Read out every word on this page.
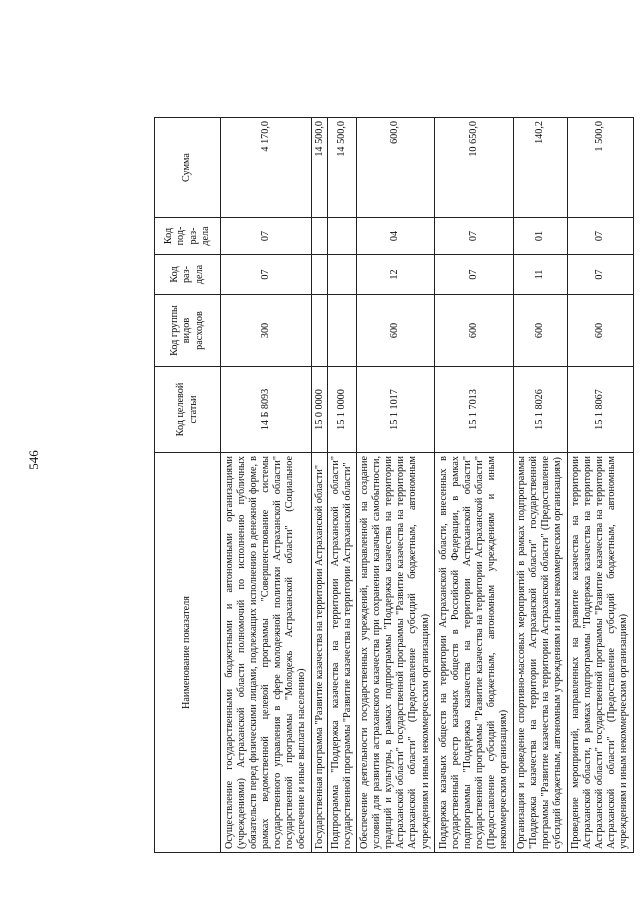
546
Наименование показателя	Код целевой статьи	Код группы видов расходов	Код раз-дела	Код под-раз-дела	Сумма
Осуществление государственными бюджетными и автономными организациями (учреждениями) Астраханской области полномочий по исполнению публичных обязательств перед физическими лицами, подлежащих исполнению в денежной форме, в рамках ведомственной целевой программы "Совершенствование системы государственного управления в сфере молодежной политики Астраханской области" государственной программы "Молодежь Астраханской области" (Социальное обеспечение и иные выплаты населению)	14 Б 8093	300	07	07	4 170,0
Государственная программа "Развитие казачества на территории Астраханской области"	15 0 0000				14 500,0
Подпрограмма "Поддержка казачества на территории Астраханской области" государственной программы "Развитие казачества на территории Астраханской области"	15 1 0000				14 500,0
Обеспечение деятельности государственных учреждений, направленной на создание условий для развития астраханского казачества при сохранении казачьей самобытности, традиций и культуры, в рамках подпрограммы "Поддержка казачества на территории Астраханской области" государственной программы "Развитие казачества на территории Астраханской области" (Предоставление субсидий бюджетным, автономным учреждениям и иным некоммерческим организациям)	15 1 1017	600	12	04	600,0
Поддержка казачьих обществ на территории Астраханской области, внесенных в государственный реестр казачьих обществ в Российской Федерации, в рамках подпрограммы "Поддержка казачества на территории Астраханской области" государственной программы "Развитие казачества на территории Астраханской области" (Предоставление субсидий бюджетным, автономным учреждениям и иным некоммерческим организациям)	15 1 7013	600	07	07	10 650,0
Организация и проведение спортивно-массовых мероприятий в рамках подпрограммы "Поддержка казачества на территории Астраханской области" государственной программы "Развитие казачества на территории Астраханской области" (Предоставление субсидий бюджетным, автономным учреждениям и иным некоммерческим организациям)	15 1 8026	600	11	01	140,2
Проведение мероприятий, направленных на развитие казачества на территории Астраханской области, в рамках подпрограммы "Поддержка казачества на территории Астраханской области" государственной программы "Развитие казачества на территории Астраханской области" (Предоставление субсидий бюджетным, автономным учреждениям и иным некоммерческим организациям)	15 1 8067	600	07	07	1 500,0
